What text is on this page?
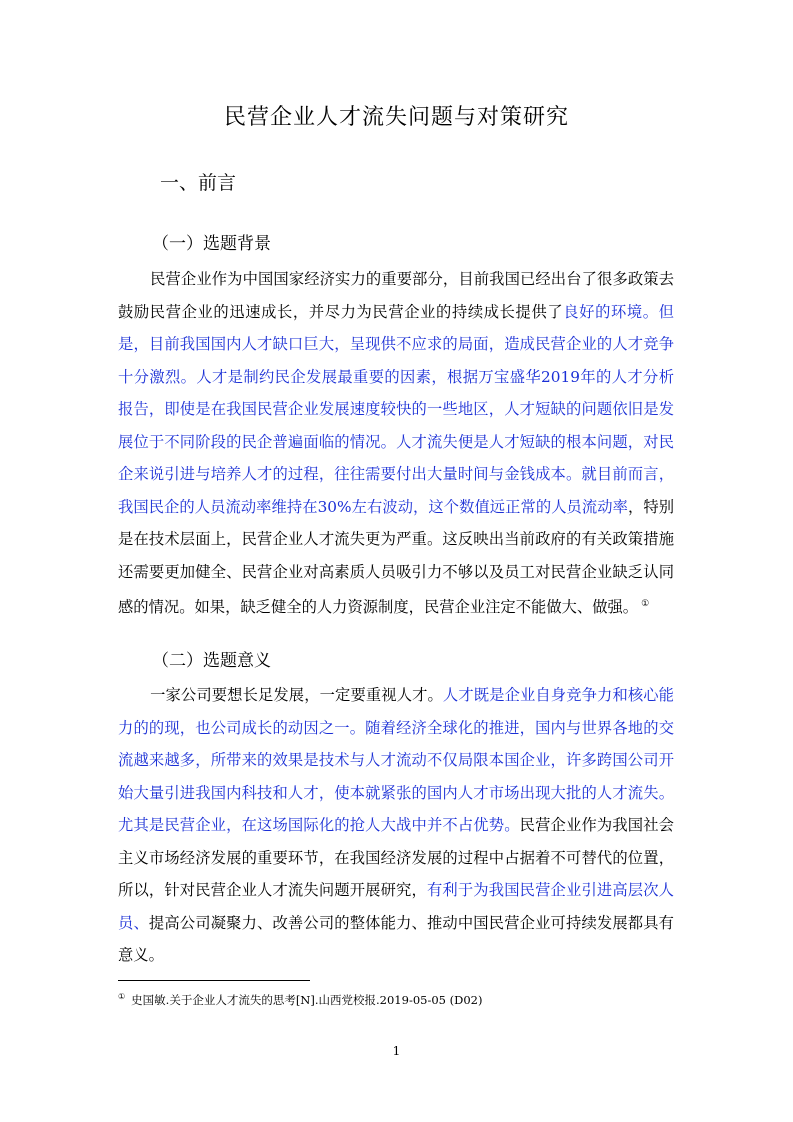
民营企业人才流失问题与对策研究
一、前言
（一）选题背景

民营企业作为中国国家经济实力的重要部分，目前我国已经出台了很多政策去鼓励民营企业的迅速成长，并尽力为民营企业的持续成长提供了良好的环境。但是，目前我国国内人才缺口巨大，呈现供不应求的局面，造成民营企业的人才竞争十分激烈。人才是制约民企发展最重要的因素，根据万宝盛华2019年的人才分析报告，即使是在我国民营企业发展速度较快的一些地区，人才短缺的问题依旧是发展位于不同阶段的民企普遍面临的情况。人才流失便是人才短缺的根本问题，对民企来说引进与培养人才的过程，往往需要付出大量时间与金钱成本。就目前而言，我国民企的人员流动率维持在30%左右波动，这个数值远正常的人员流动率，特别是在技术层面上，民营企业人才流失更为严重。这反映出当前政府的有关政策措施还需要更加健全、民营企业对高素质人员吸引力不够以及员工对民营企业缺乏认同感的情况。如果，缺乏健全的人力资源制度，民营企业注定不能做大、做强。 ①

（二）选题意义

一家公司要想长足发展，一定要重视人才。人才既是企业自身竞争力和核心能力的的现，也公司成长的动因之一。随着经济全球化的推进，国内与世界各地的交流越来越多，所带来的效果是技术与人才流动不仅局限本国企业，许多跨国公司开始大量引进我国内科技和人才，使本就紧张的国内人才市场出现大批的人才流失。尤其是民营企业，在这场国际化的抢人大战中并不占优势。民营企业作为我国社会主义市场经济发展的重要环节，在我国经济发展的过程中占据着不可替代的位置，所以，针对民营企业人才流失问题开展研究，有利于为我国民营企业引进高层次人员、提高公司凝聚力、改善公司的整体能力、推动中国民营企业可持续发展都具有意义。

① 史国敏.关于企业人才流失的思考[N].山西党校报.2019-05-05 (D02)
1
